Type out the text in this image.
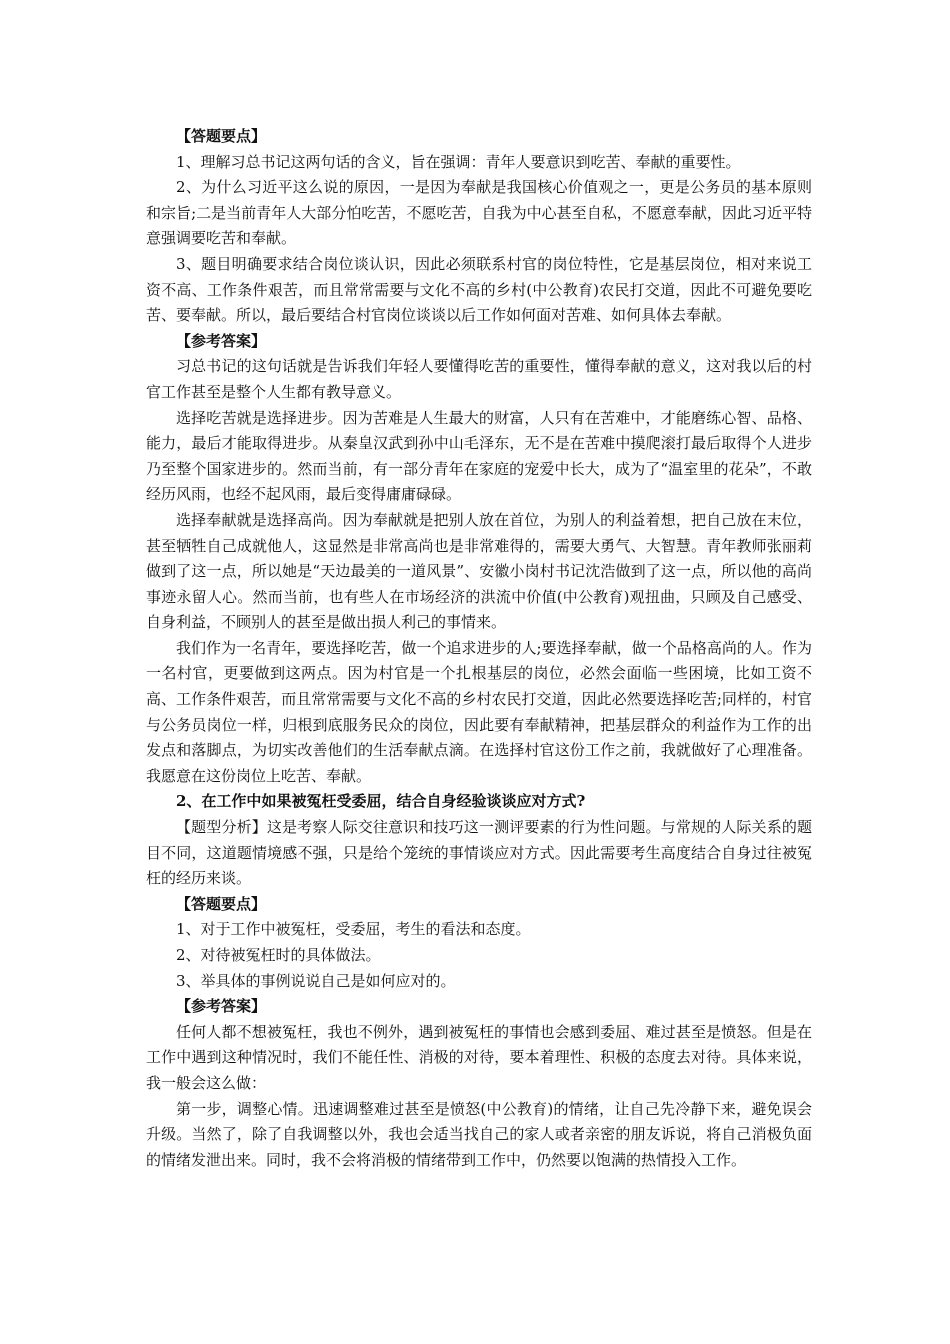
【答题要点】

1、理解习总书记这两句话的含义，旨在强调：青年人要意识到吃苦、奉献的重要性。

2、为什么习近平这么说的原因，一是因为奉献是我国核心价值观之一，更是公务员的基本原则和宗旨;二是当前青年人大部分怕吃苦，不愿吃苦，自我为中心甚至自私，不愿意奉献，因此习近平特意强调要吃苦和奉献。

3、题目明确要求结合岗位谈认识，因此必须联系村官的岗位特性，它是基层岗位，相对来说工资不高、工作条件艰苦，而且常常需要与文化不高的乡村(中公教育)农民打交道，因此不可避免要吃苦、要奉献。所以，最后要结合村官岗位谈谈以后工作如何面对苦难、如何具体去奉献。

【参考答案】

习总书记的这句话就是告诉我们年轻人要懂得吃苦的重要性，懂得奉献的意义，这对我以后的村官工作甚至是整个人生都有教导意义。

选择吃苦就是选择进步。因为苦难是人生最大的财富，人只有在苦难中，才能磨练心智、品格、能力，最后才能取得进步。从秦皇汉武到孙中山毛泽东，无不是在苦难中摸爬滚打最后取得个人进步乃至整个国家进步的。然而当前，有一部分青年在家庭的宠爱中长大，成为了“温室里的花朵”，不敢经历风雨，也经不起风雨，最后变得庸庸碌碌。

选择奉献就是选择高尚。因为奉献就是把别人放在首位，为别人的利益着想，把自己放在末位，甚至牺牲自己成就他人，这显然是非常高尚也是非常难得的，需要大勇气、大智慧。青年教师张丽莉做到了这一点，所以她是“天边最美的一道风景”、安徽小岗村书记沈浩做到了这一点，所以他的高尚事迹永留人心。然而当前，也有些人在市场经济的洪流中价值(中公教育)观扭曲，只顾及自己感受、自身利益，不顾别人的甚至是做出损人利己的事情来。

我们作为一名青年，要选择吃苦，做一个追求进步的人;要选择奉献，做一个品格高尚的人。作为一名村官，更要做到这两点。因为村官是一个扎根基层的岗位，必然会面临一些困境，比如工资不高、工作条件艰苦，而且常常需要与文化不高的乡村农民打交道，因此必然要选择吃苦;同样的，村官与公务员岗位一样，归根到底服务民众的岗位，因此要有奉献精神，把基层群众的利益作为工作的出发点和落脚点，为切实改善他们的生活奉献点滴。在选择村官这份工作之前，我就做好了心理准备。我愿意在这份岗位上吃苦、奉献。

2、在工作中如果被冤枉受委屈，结合自身经验谈谈应对方式?

【题型分析】这是考察人际交往意识和技巧这一测评要素的行为性问题。与常规的人际关系的题目不同，这道题情境感不强，只是给个笼统的事情谈应对方式。因此需要考生高度结合自身过往被冤枉的经历来谈。

【答题要点】

1、对于工作中被冤枉，受委屈，考生的看法和态度。

2、对待被冤枉时的具体做法。

3、举具体的事例说说自己是如何应对的。

【参考答案】

任何人都不想被冤枉，我也不例外，遇到被冤枉的事情也会感到委屈、难过甚至是愤怒。但是在工作中遇到这种情况时，我们不能任性、消极的对待，要本着理性、积极的态度去对待。具体来说，我一般会这么做：

第一步，调整心情。迅速调整难过甚至是愤怒(中公教育)的情绪，让自己先冷静下来，避免误会升级。当然了，除了自我调整以外，我也会适当找自己的家人或者亲密的朋友诉说，将自己消极负面的情绪发泄出来。同时，我不会将消极的情绪带到工作中，仍然要以饱满的热情投入工作。
